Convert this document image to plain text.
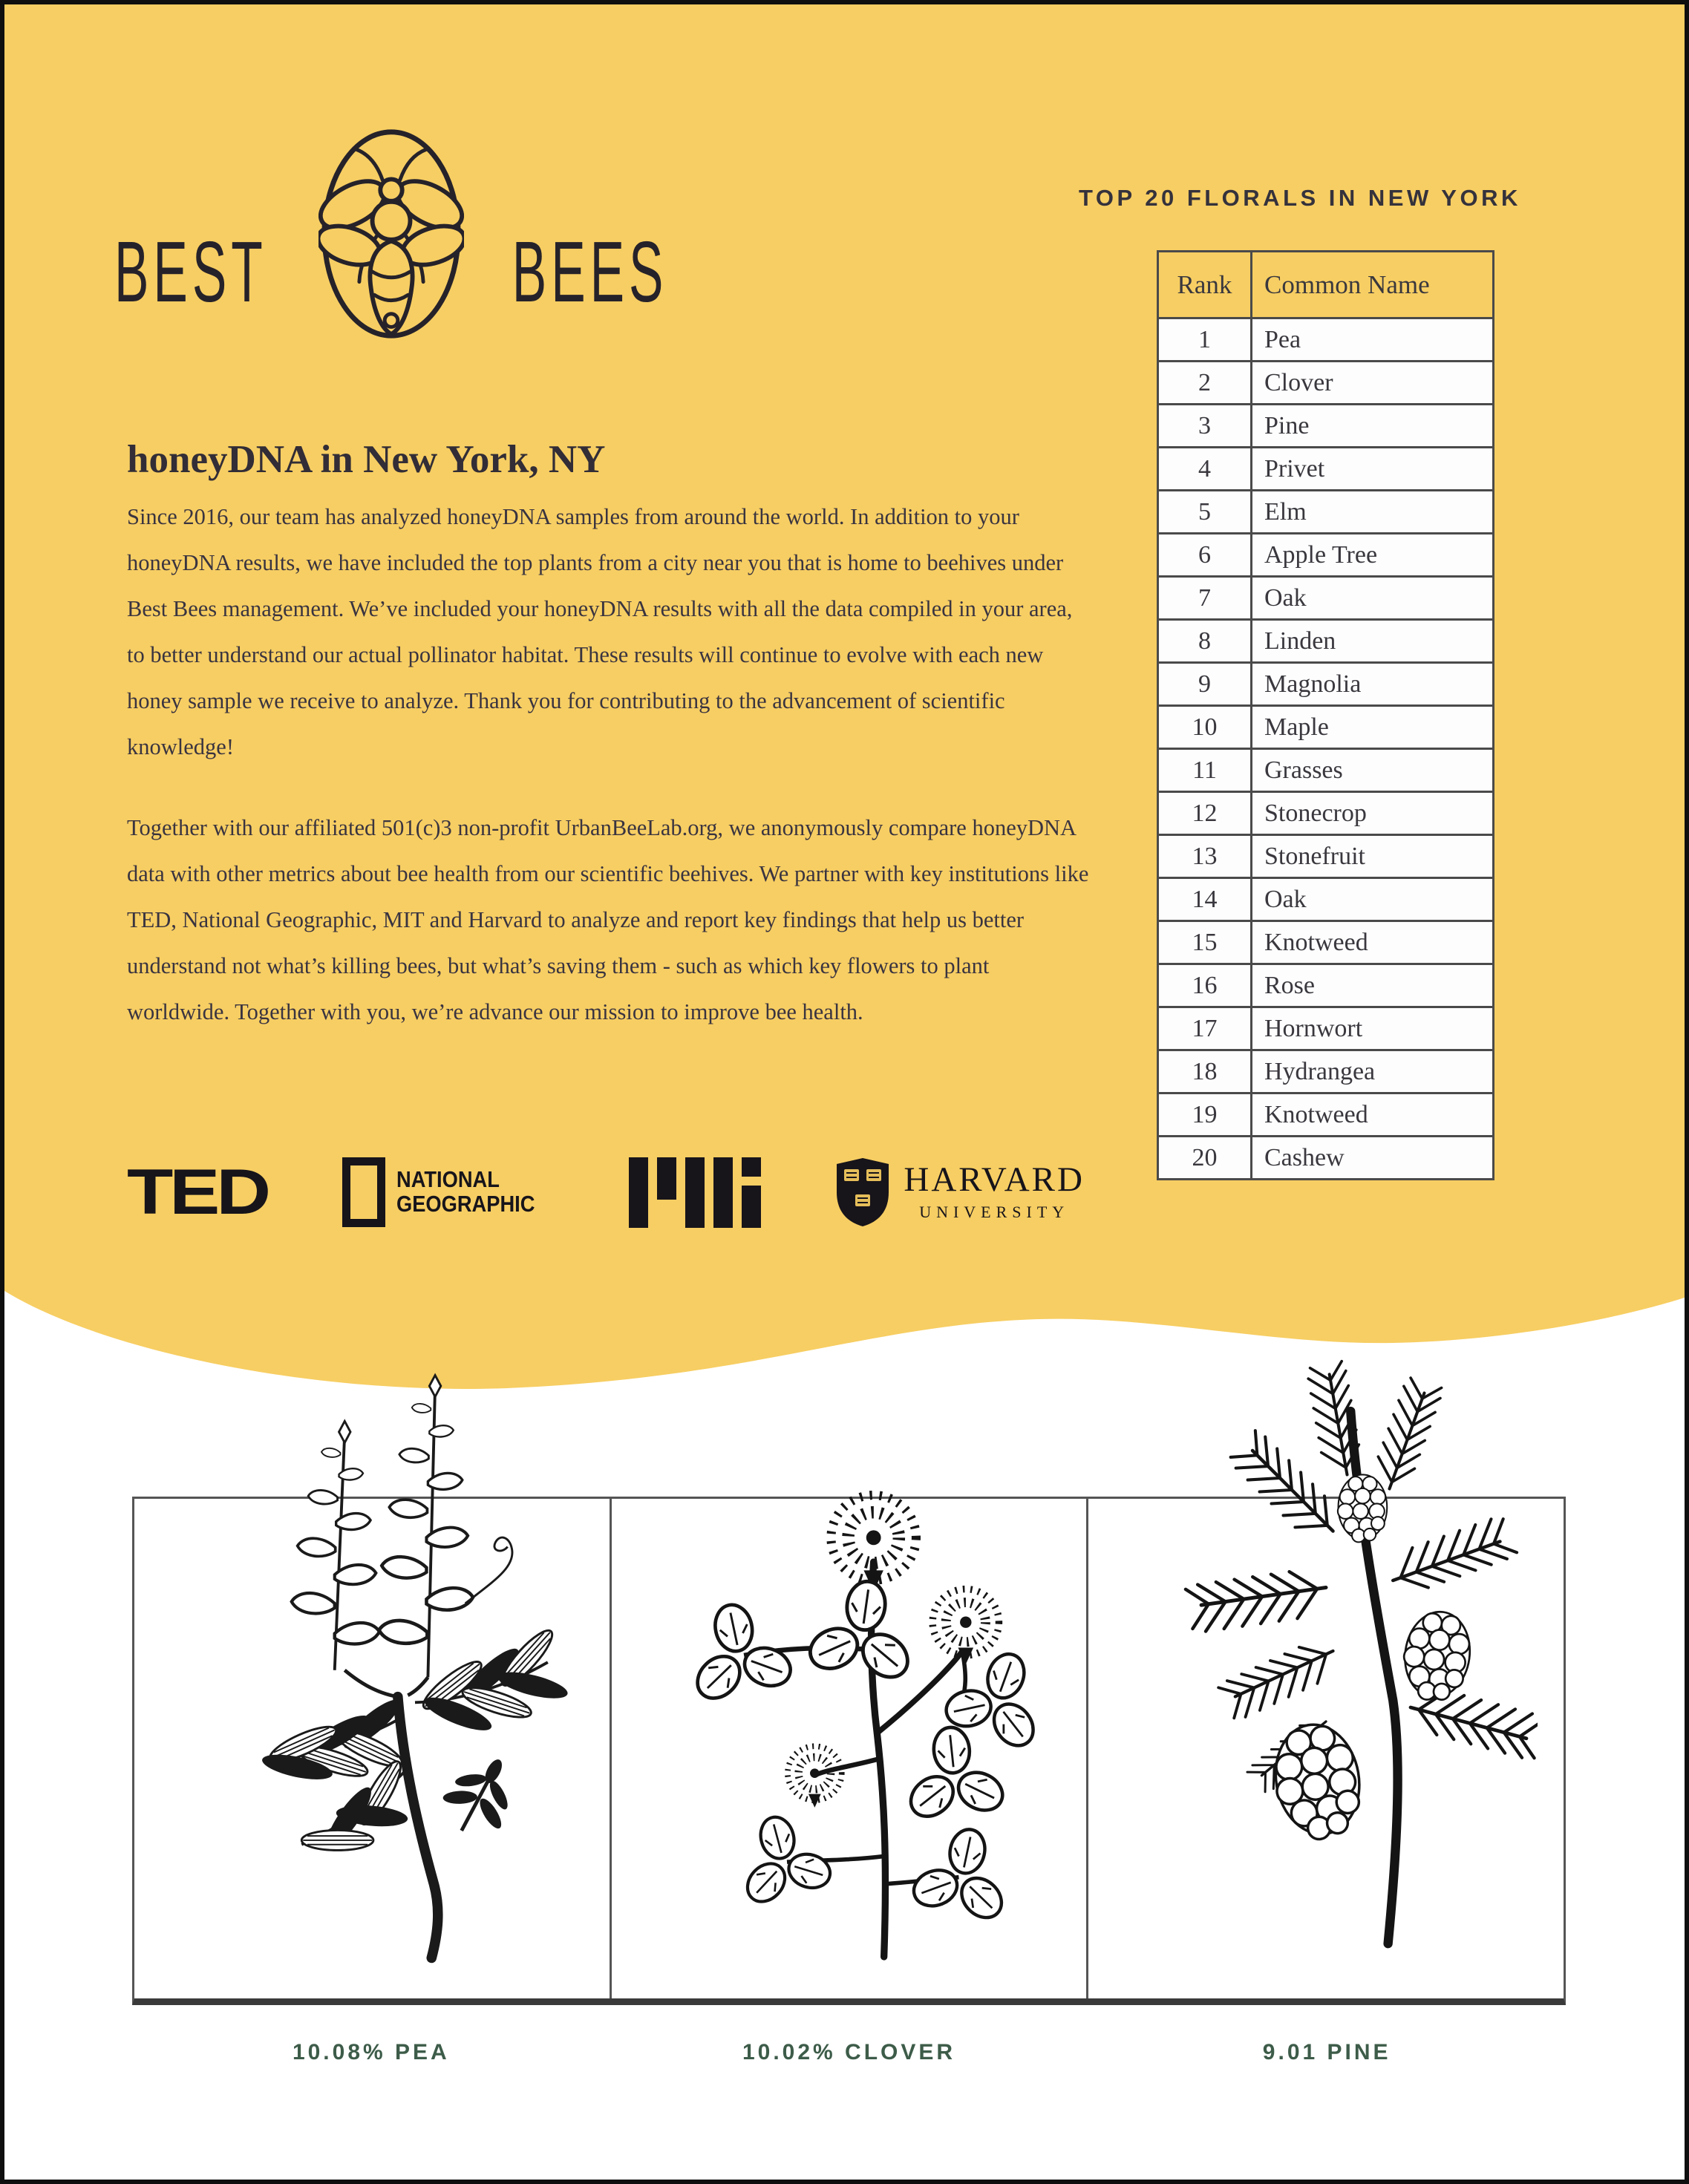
BEST	BEES
TOP 20 FLORALS IN NEW YORK
Rank	Common Name
1	Pea
2	Clover
3	Pine
4	Privet
5	Elm
6	Apple Tree
7	Oak
8	Linden
9	Magnolia
10	Maple
11	Grasses
12	Stonecrop
13	Stonefruit
14	Oak
15	Knotweed
16	Rose
17	Hornwort
18	Hydrangea
19	Knotweed
20	Cashew
honeyDNA in New York, NY

Since 2016, our team has analyzed honeyDNA samples from around the world. In addition to your honeyDNA results, we have included the top plants from a city near you that is home to beehives under Best Bees management. We’ve included your honeyDNA results with all the data compiled in your area, to better understand our actual pollinator habitat. These results will continue to evolve with each new honey sample we receive to analyze. Thank you for contributing to the advancement of scientific knowledge!

Together with our affiliated 501(c)3 non-profit UrbanBeeLab.org, we anonymously compare honeyDNA data with other metrics about bee health from our scientific beehives. We partner with key institutions like TED, National Geographic, MIT and Harvard to analyze and report key findings that help us better understand not what’s killing bees, but what’s saving them - such as which key flowers to plant worldwide. Together with you, we’re advance our mission to improve bee health.

TED	NATIONAL
GEOGRAPHIC
HARVARD
UNIVERSITY
10.08% PEA	10.02% CLOVER	9.01 PINE
